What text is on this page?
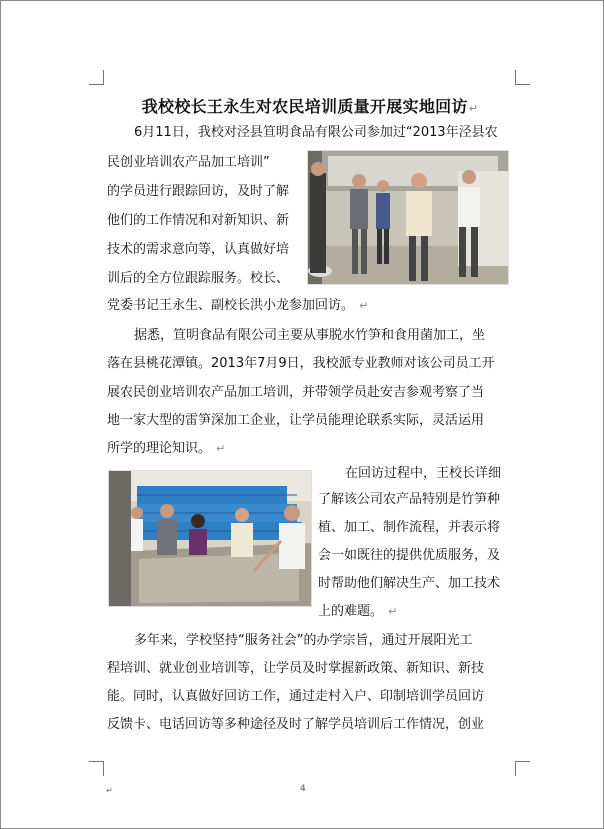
我校校长王永生对农民培训质量开展实地回访↵
6月11日，我校对泾县笪明食品有限公司参加过“2013年泾县农
民创业培训农产品加工培训”
的学员进行跟踪回访，及时了解
他们的工作情况和对新知识、新
技术的需求意向等，认真做好培
训后的全方位跟踪服务。校长、
党委书记王永生、副校长洪小龙参加回访。 ↵
据悉，笪明食品有限公司主要从事脱水竹笋和食用菌加工，坐
落在县桃花潭镇。2013年7月9日，我校派专业教师对该公司员工开
展农民创业培训农产品加工培训，并带领学员赴安吉参观考察了当
地一家大型的雷笋深加工企业，让学员能理论联系实际，灵活运用
所学的理论知识。 ↵
在回访过程中，王校长详细
了解该公司农产品特别是竹笋种
植、加工、制作流程，并表示将
会一如既往的提供优质服务，及
时帮助他们解决生产、加工技术
上的难题。 ↵
多年来，学校坚持“服务社会”的办学宗旨，通过开展阳光工
程培训、就业创业培训等，让学员及时掌握新政策、新知识、新技
能。同时，认真做好回访工作，通过走村入户、印制培训学员回访
反馈卡、电话回访等多种途径及时了解学员培训后工作情况，创业
↵	4
